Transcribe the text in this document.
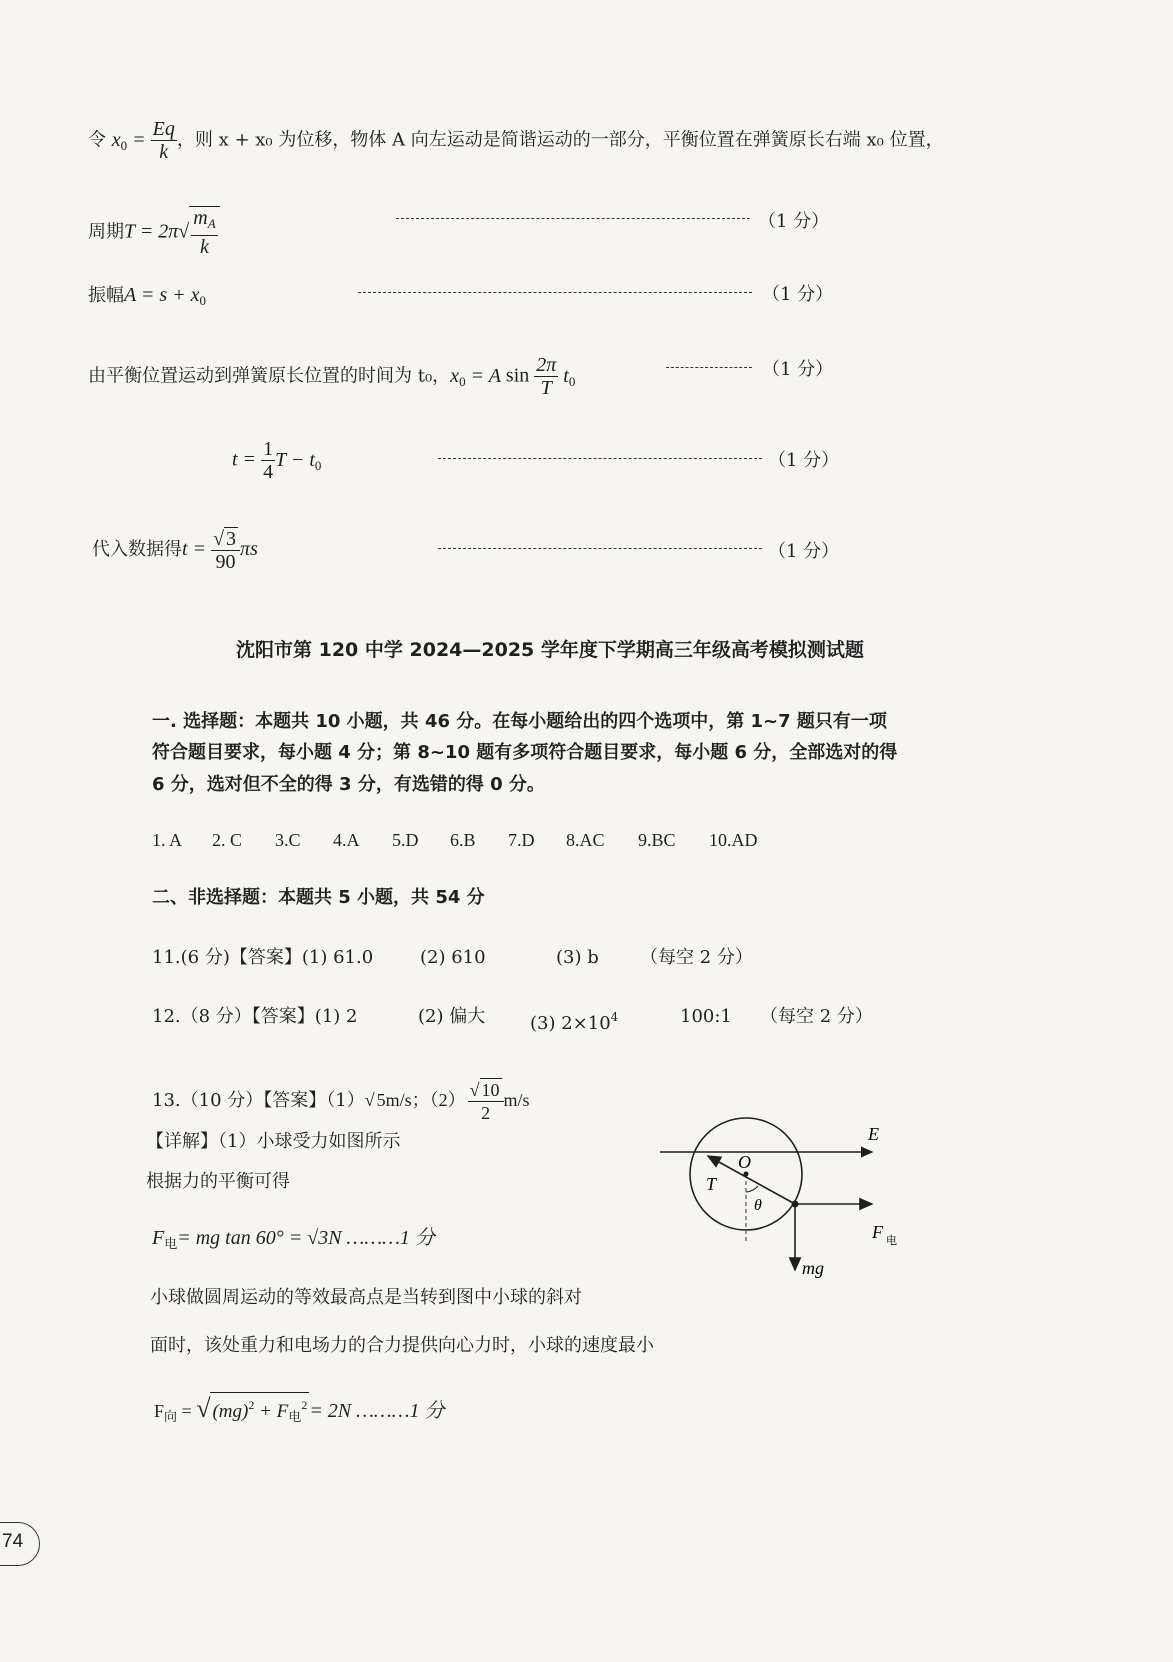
令 $x_0 = \frac{Eq}{k}$ ，则 x + x₀ 为位移，物体 A 向左运动是简谐运动的一部分，平衡位置在弹簧原长右端 x₀ 位置，
周期$T = 2\pi√ \frac{m_A}{k}$	（1 分）
振幅$A = s + x_0$	（1 分）
由平衡位置运动到弹簧原长位置的时间为 t₀，$x_0 = A$ $\sin \frac{2\pi}{T} t_0$
（1 分）
$t = \frac{1}{4}$ $T - t_0$	（1 分）
代入数据得$t = \frac{√ 3}{90}$ πs	（1 分）
沈阳市第 120 中学 2024—2025 学年度下学期高三年级高考模拟测试题
一. 选择题：本题共 10 小题，共 46 分。在每小题给出的四个选项中，第 1~7 题只有一项
符合题目要求，每小题 4 分；第 8~10 题有多项符合题目要求，每小题 6 分，全部选对的得
6 分，选对但不全的得 3 分，有选错的得 0 分。
1. A 2. C 3.C 4.A 5.D 6.B 7.D 8.AC 9.BC 10.AD
二、非选择题：本题共 5 小题，共 54 分
11.(6 分)【答案】(1) 61.0	(2) 610	(3) b （每空 2 分）
12.（8 分）【答案】(1) 2	(2) 偏大 (3) $2\times 10^4$	100:1 （每空 2 分）
13.（10 分）【答案】（1）√ 5m/s；$(2) \frac{√ 10}{2} m/s$
【详解】（1）小球受力如图所示
根据力的平衡可得
$F_电=$ mg tan 60° = √3N ………1 分
小球做圆周运动的等效最高点是当转到图中小球的斜对
面时，该处重力和电场力的合力提供向心力时，小球的速度最小
$F_向$ = √ $(mg)^2 + F_电^2 = 2N$ ………1 分
E
T
O
θ
F 电
mg
74
